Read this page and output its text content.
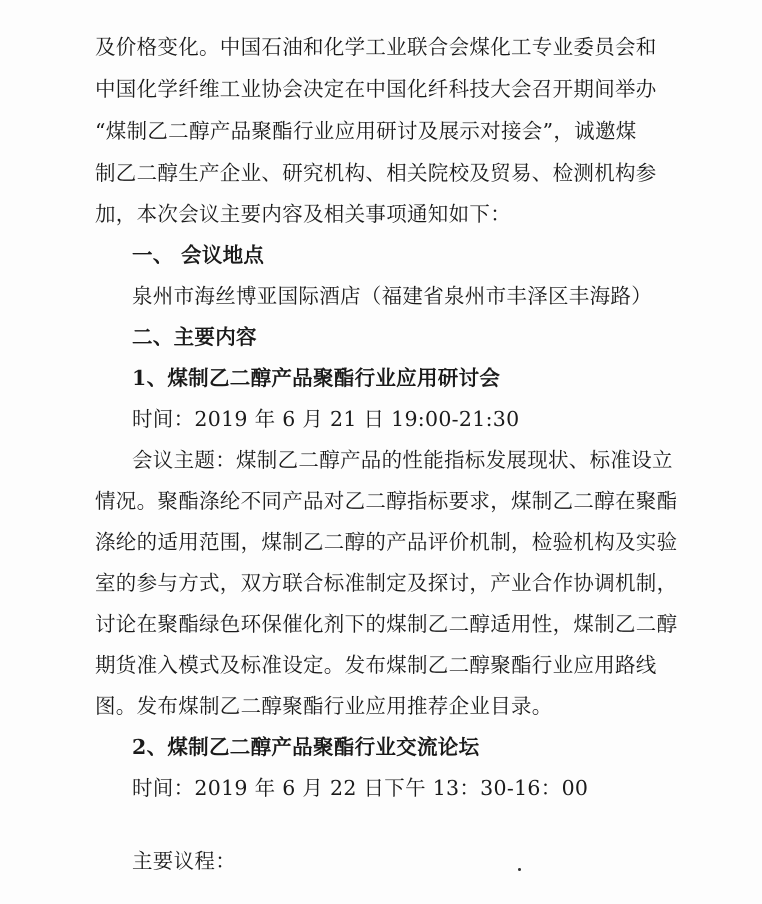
及价格变化。中国石油和化学工业联合会煤化工专业委员会和
中国化学纤维工业协会决定在中国化纤科技大会召开期间举办
“煤制乙二醇产品聚酯行业应用研讨及展示对接会”，诚邀煤
制乙二醇生产企业、研究机构、相关院校及贸易、检测机构参
加，本次会议主要内容及相关事项通知如下：
一、 会议地点
泉州市海丝博亚国际酒店（福建省泉州市丰泽区丰海路）
二、主要内容
1、煤制乙二醇产品聚酯行业应用研讨会
时间：2019 年 6 月 21 日 19:00-21:30
会议主题：煤制乙二醇产品的性能指标发展现状、标准设立
情况。聚酯涤纶不同产品对乙二醇指标要求，煤制乙二醇在聚酯
涤纶的适用范围，煤制乙二醇的产品评价机制，检验机构及实验
室的参与方式，双方联合标准制定及探讨，产业合作协调机制，
讨论在聚酯绿色环保催化剂下的煤制乙二醇适用性，煤制乙二醇
期货准入模式及标准设定。发布煤制乙二醇聚酯行业应用路线
图。发布煤制乙二醇聚酯行业应用推荐企业目录。
2、煤制乙二醇产品聚酯行业交流论坛
时间：2019 年 6 月 22 日下午 13：30-16：00
主要议程：
